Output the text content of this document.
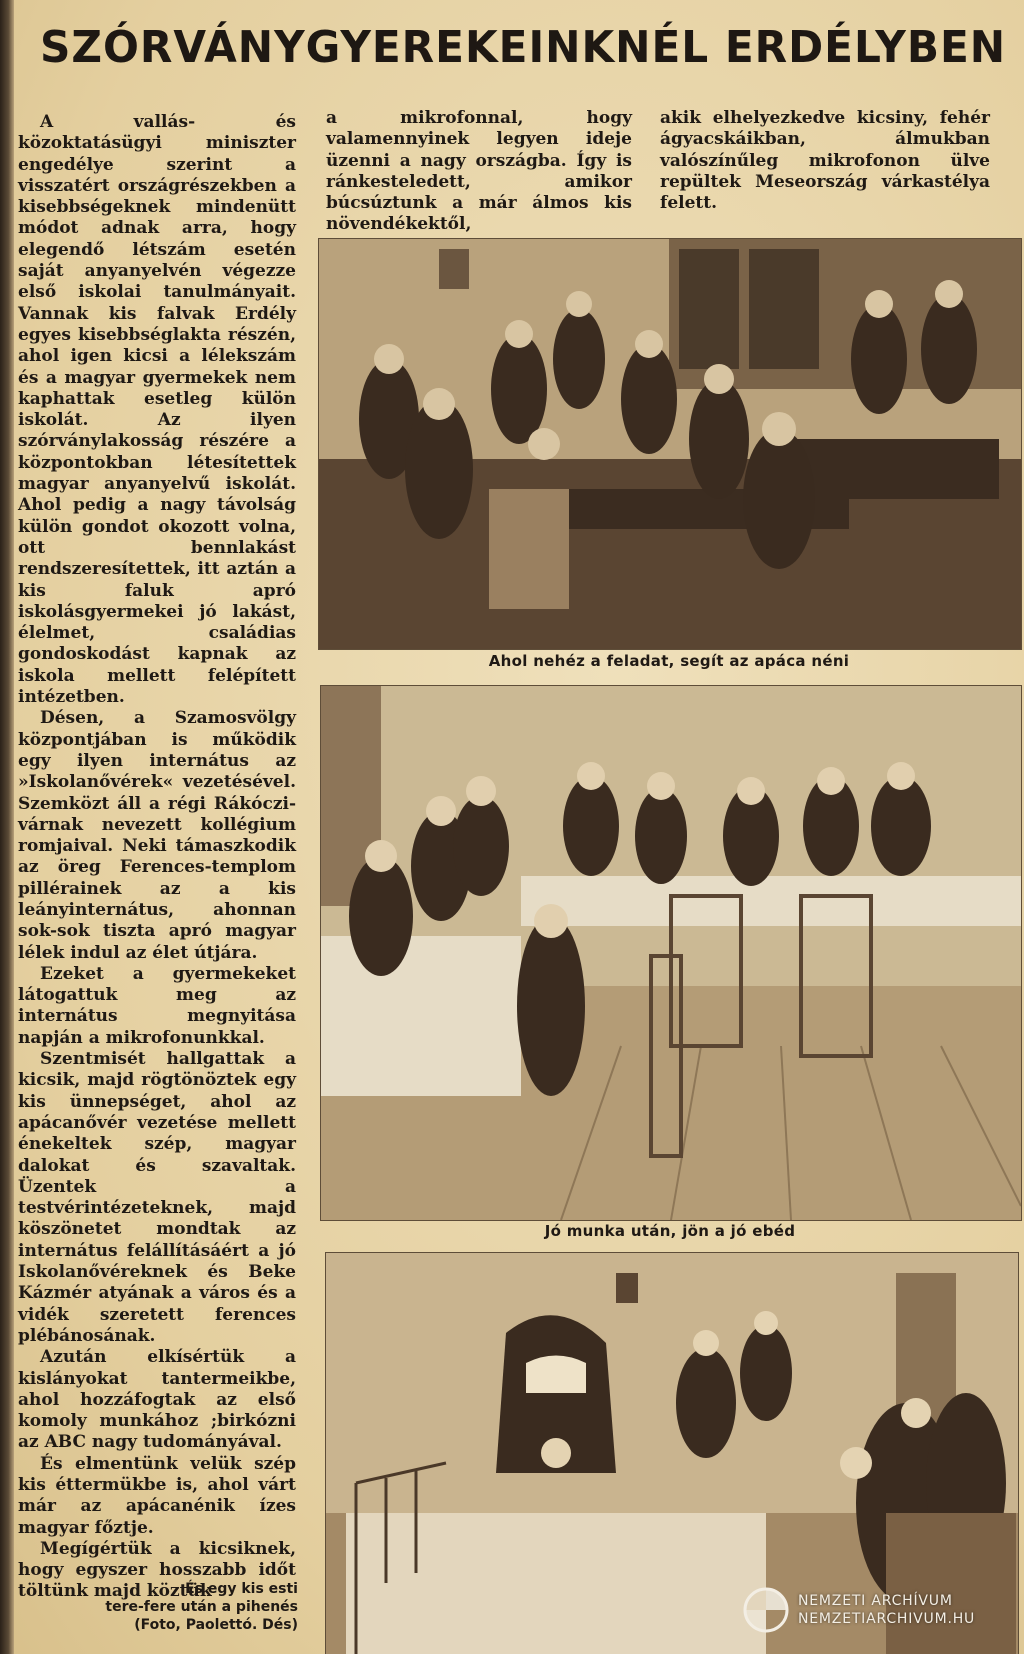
SZÓRVÁNYGYEREKEINKNÉL ERDÉLYBEN

A vallás- és közoktatásügyi miniszter engedélye szerint a visszatért országrészekben a kisebbségeknek mindenütt módot adnak arra, hogy elegendő létszám esetén saját anyanyelvén végezze első iskolai tanulmányait. Vannak kis falvak Erdély egyes kisebbséglakta részén, ahol igen kicsi a lélekszám és a magyar gyermekek nem kaphattak esetleg külön iskolát. Az ilyen szórványlakosság részére a központokban létesítettek magyar anyanyelvű iskolát. Ahol pedig a nagy távolság külön gondot okozott volna, ott bennlakást rendszeresítettek, itt aztán a kis faluk apró iskolásgyermekei jó lakást, élelmet, családias gondoskodást kapnak az iskola mellett felépített intézetben.

Désen, a Szamosvölgy központjában is működik egy ilyen internátus az »Iskolanővérek« vezetésével. Szemközt áll a régi Rákóczi-várnak nevezett kollégium romjaival. Neki támaszkodik az öreg Ferences-templom pillérainek az a kis leányinternátus, ahonnan sok-sok tiszta apró magyar lélek indul az élet útjára.

Ezeket a gyermekeket látogattuk meg az internátus megnyitása napján a mikrofonunkkal.

Szentmisét hallgattak a kicsik, majd rögtönöztek egy kis ünnepséget, ahol az apácanővér vezetése mellett énekeltek szép, magyar dalokat és szavaltak. Üzentek a testvérintézeteknek, majd köszönetet mondtak az internátus felállításáért a jó Iskolanővéreknek és Beke Kázmér atyának a város és a vidék szeretett ferences plébánosának.

Azután elkísértük a kislányokat tantermeikbe, ahol hozzáfogtak az első komoly munkához ;birkózni az ABC nagy tudományával.

És elmentünk velük szép kis éttermükbe is, ahol várt már az apácanénik ízes magyar főztje.

Megígértük a kicsiknek, hogy egyszer hosszabb időt töltünk majd köztük

a mikrofonnal, hogy valamennyinek legyen ideje üzenni a nagy országba. Így is ránkesteledett, amikor búcsúztunk a már álmos kis növendékektől,

akik elhelyezkedve kicsiny, fehér ágyacskáikban, álmukban valószínűleg mikrofonon ülve repültek Meseország várkastélya felett.

Ahol nehéz a feladat, segít az apáca néni

Jó munka után, jön a jó ebéd

És egy kis esti
tere-fere után a pihenés
(Foto, Paolettó. Dés)
NEMZETI ARCHÍVUM
NEMZETIARCHIVUM.HU
